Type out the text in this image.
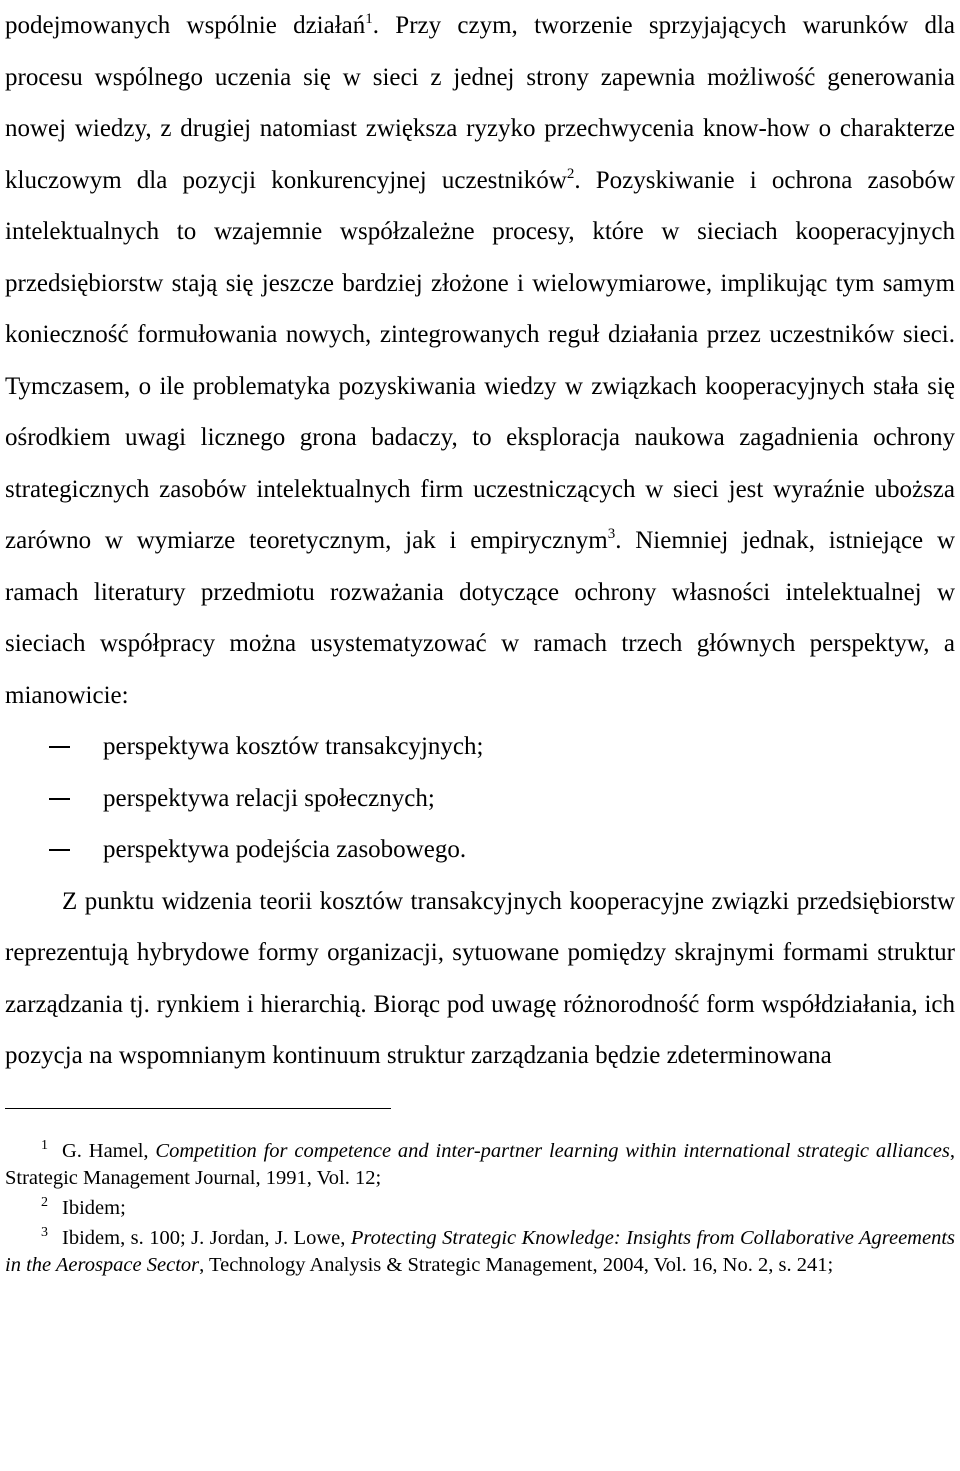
podejmowanych wspólnie działań$^1$. Przy czym, tworzenie sprzyjających warunków dla procesu wspólnego uczenia się w sieci z jednej strony zapewnia możliwość generowania nowej wiedzy, z drugiej natomiast zwiększa ryzyko przechwycenia know-how o charakterze kluczowym dla pozycji konkurencyjnej uczestników$^2$. Pozyskiwanie i ochrona zasobów intelektualnych to wzajemnie współzależne procesy, które w sieciach kooperacyjnych przedsiębiorstw stają się jeszcze bardziej złożone i wielowymiarowe, implikując tym samym konieczność formułowania nowych, zintegrowanych reguł działania przez uczestników sieci. Tymczasem, o ile problematyka pozyskiwania wiedzy w związkach kooperacyjnych stała się ośrodkiem uwagi licznego grona badaczy, to eksploracja naukowa zagadnienia ochrony strategicznych zasobów intelektualnych firm uczestniczących w sieci jest wyraźnie uboższa zarówno w wymiarze teoretycznym, jak i empirycznym$^3$. Niemniej jednak, istniejące w ramach literatury przedmiotu rozważania dotyczące ochrony własności intelektualnej w sieciach współpracy można usystematyzować w ramach trzech głównych perspektyw, a mianowicie:

perspektywa kosztów transakcyjnych;
perspektywa relacji społecznych;
perspektywa podejścia zasobowego.

Z punktu widzenia teorii kosztów transakcyjnych kooperacyjne związki przedsiębiorstw reprezentują hybrydowe formy organizacji, sytuowane pomiędzy skrajnymi formami struktur zarządzania tj. rynkiem i hierarchią. Biorąc pod uwagę różnorodność form współdziałania, ich pozycja na wspomnianym kontinuum struktur zarządzania będzie zdeterminowana

1 G. Hamel, Competition for competence and inter-partner learning within international strategic alliances, Strategic Management Journal, 1991, Vol. 12;

2 Ibidem;

3 Ibidem, s. 100; J. Jordan, J. Lowe, Protecting Strategic Knowledge: Insights from Collaborative Agreements in the Aerospace Sector, Technology Analysis & Strategic Management, 2004, Vol. 16, No. 2, s. 241;
